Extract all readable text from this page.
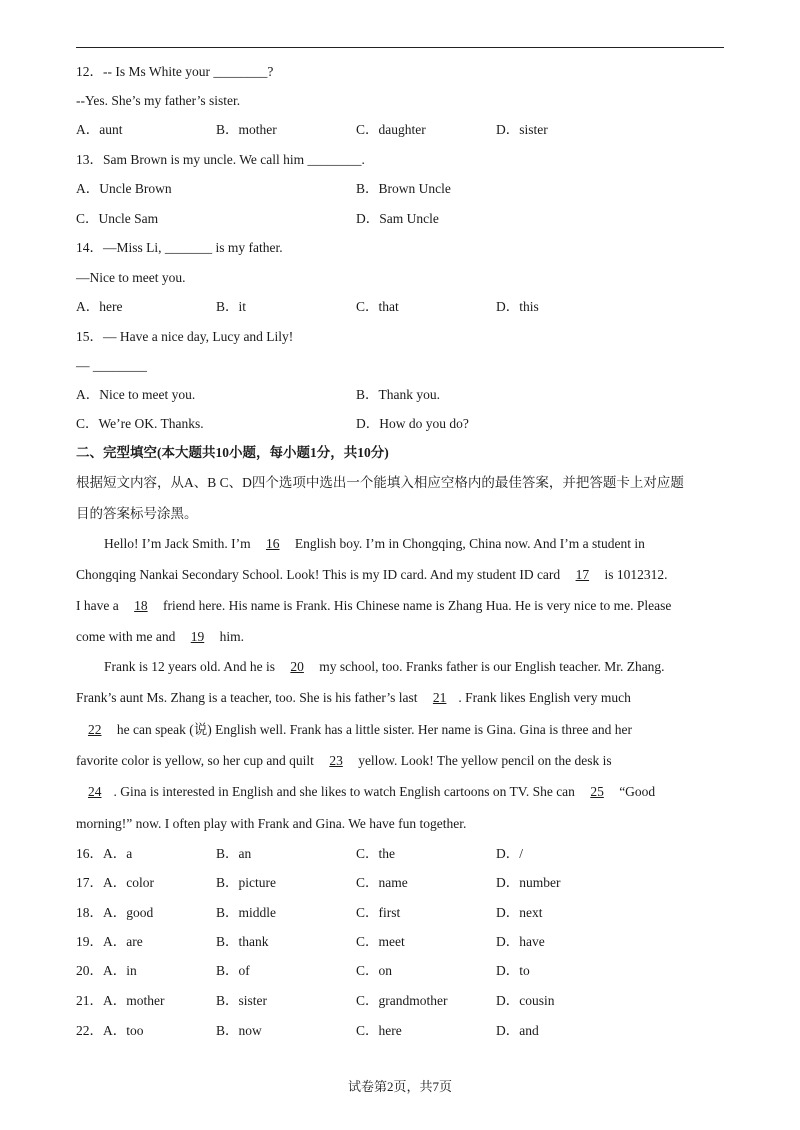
12．-- Is Ms White your ________?
--Yes. She’s my father’s sister.
A．aunt	B．mother	C．daughter	D．sister
13．Sam Brown is my uncle. We call him ________.
A．Uncle Brown	B．Brown Uncle
C．Uncle Sam	D．Sam Uncle
14．—Miss Li, _______ is my father.
—Nice to meet you.
A．here	B．it	C．that	D．this
15．— Have a nice day, Lucy and Lily!
— ________
A．Nice to meet you.	B．Thank you.
C．We’re OK. Thanks.	D．How do you do?
二、完型填空(本大题共10小题，每小题1分，共10分)
根据短文内容，从A、B C、D四个选项中选出一个能填入相应空格内的最佳答案，并把答题卡上对应题
目的答案标号涂黑。
Hello! I’m Jack Smith. I’m 16 English boy. I’m in Chongqing, China now. And I’m a student in
Chongqing Nankai Secondary School. Look! This is my ID card. And my student ID card 17 is 1012312.
I have a 18 friend here. His name is Frank. His Chinese name is Zhang Hua. He is very nice to me. Please
come with me and 19 him.
Frank is 12 years old. And he is 20 my school, too. Franks father is our English teacher. Mr. Zhang.
Frank’s aunt Ms. Zhang is a teacher, too. She is his father’s last 21 . Frank likes English very much
22 he can speak (说) English well. Frank has a little sister. Her name is Gina. Gina is three and her
favorite color is yellow, so her cup and quilt 23 yellow. Look! The yellow pencil on the desk is
24 . Gina is interested in English and she likes to watch English cartoons on TV. She can 25 “Good
morning!” now. I often play with Frank and Gina. We have fun together.
16．A．a	B．an	C．the	D．/
17．A．color	B．picture	C．name	D．number
18．A．good	B．middle	C．first	D．next
19．A．are	B．thank	C．meet	D．have
20．A．in	B．of	C．on	D．to
21．A．mother	B．sister	C．grandmother	D．cousin
22．A．too	B．now	C．here	D．and
试卷第2页，共7页
